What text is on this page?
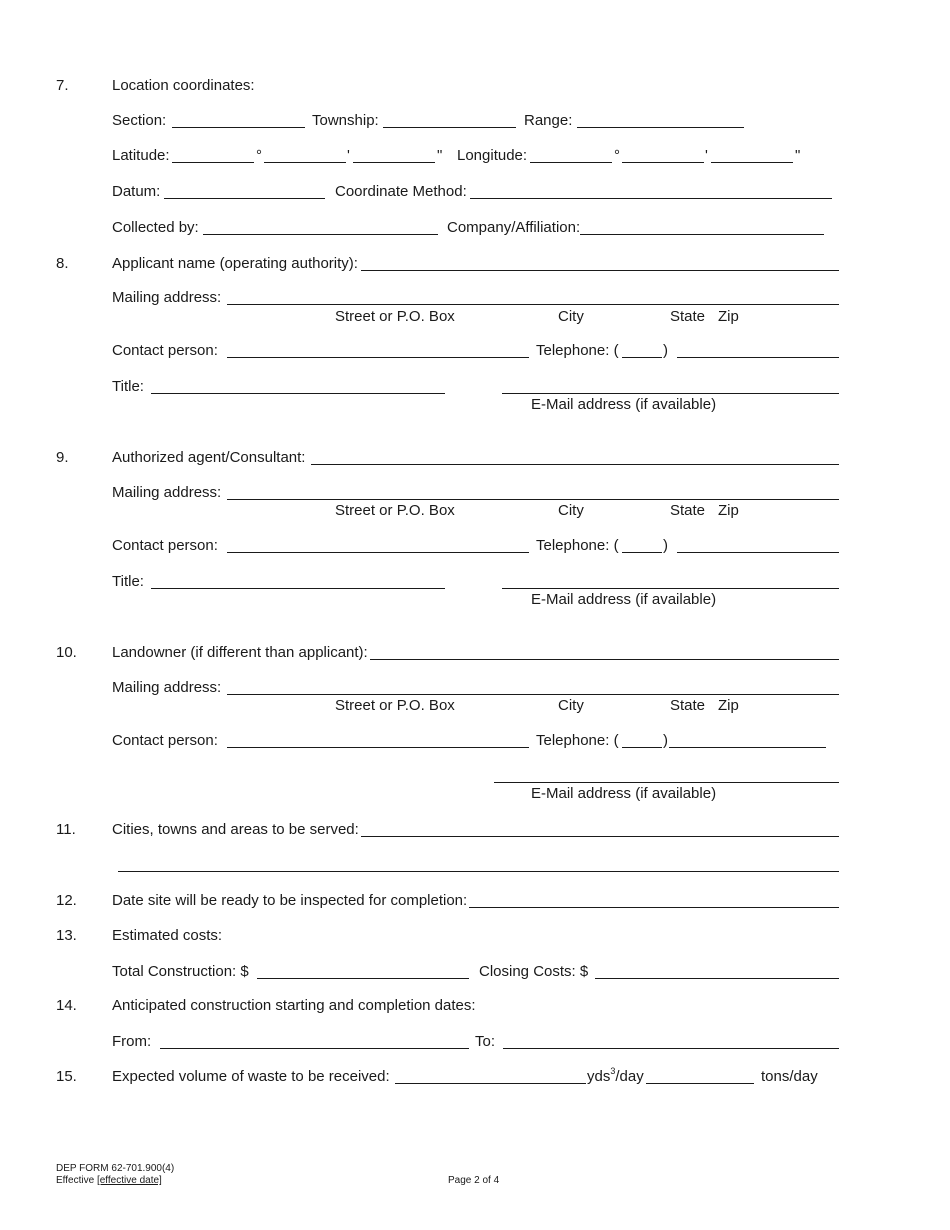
7.	Location coordinates:
Section:	Township:	Range:
Latitude:	°	'	" Longitude:	°	'	"
Datum:	Coordinate Method:
Collected by:	Company/Affiliation:
8.	Applicant name (operating authority):
Mailing address:
Street or P.O. Box	City	State Zip
Contact person:	Telephone: (	)
Title:
E-Mail address (if available)
9.	Authorized agent/Consultant:
Mailing address:
Street or P.O. Box	City	State Zip
Contact person:	Telephone: (	)
Title:
E-Mail address (if available)
10. Landowner (if different than applicant):
Mailing address:
Street or P.O. Box	City	State Zip
Contact person:	Telephone: (	)
E-Mail address (if available)
11. Cities, towns and areas to be served:
12. Date site will be ready to be inspected for completion:
13. Estimated costs:
Total Construction: $	Closing Costs: $
14. Anticipated construction starting and completion dates:
From:	To:
15. Expected volume of waste to be received:	yds$^3$/day	tons/day
DEP FORM 62-701.900(4)
Effective [effective date]	Page 2 of 4
